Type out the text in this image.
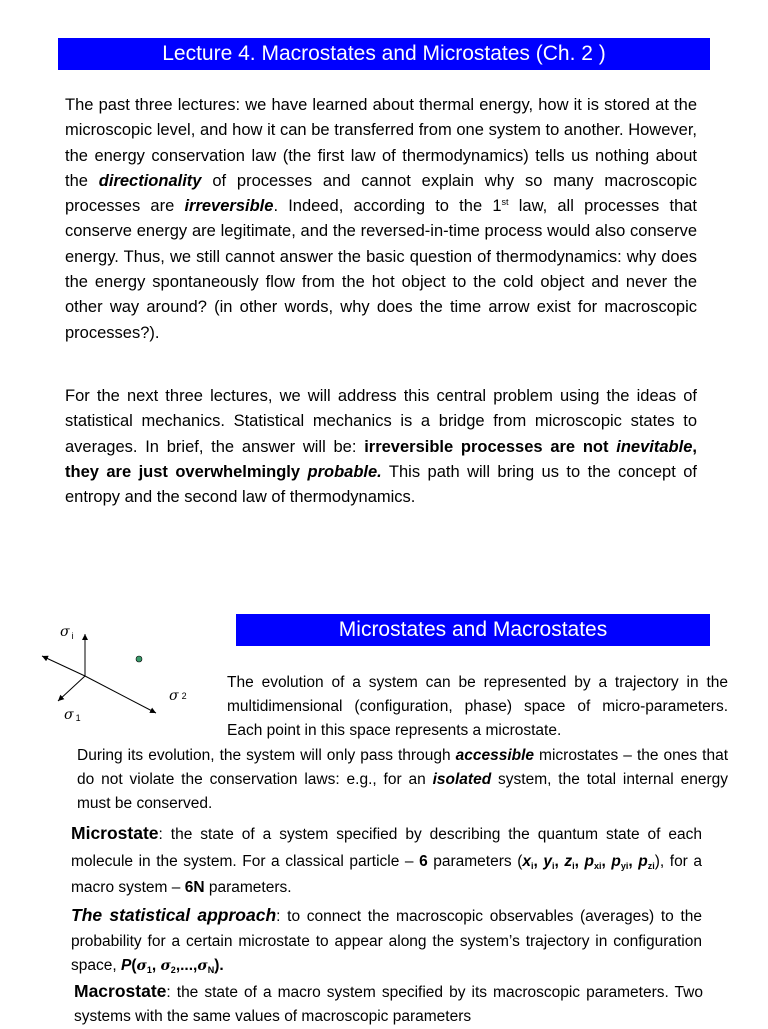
Lecture 4. Macrostates and Microstates (Ch. 2 )

The past three lectures: we have learned about thermal energy, how it is stored at the microscopic level, and how it can be transferred from one system to another. However, the energy conservation law (the first law of thermodynamics) tells us nothing about the directionality of processes and cannot explain why so many macroscopic processes are irreversible. Indeed, according to the 1st law, all processes that conserve energy are legitimate, and the reversed-in-time process would also conserve energy. Thus, we still cannot answer the basic question of thermodynamics: why does the energy spontaneously flow from the hot object to the cold object and never the other way around? (in other words, why does the time arrow exist for macroscopic processes?).

For the next three lectures, we will address this central problem using the ideas of statistical mechanics. Statistical mechanics is a bridge from microscopic states to averages. In brief, the answer will be: irreversible processes are not inevitable, they are just overwhelmingly probable. This path will bring us to the concept of entropy and the second law of thermodynamics.

Microstates and Macrostates
σi
σ 2
σ 1

The evolution of a system can be represented by a trajectory in the multidimensional (configuration, phase) space of micro-parameters. Each point in this space represents a microstate.

During its evolution, the system will only pass through accessible microstates – the ones that do not violate the conservation laws: e.g., for an isolated system, the total internal energy must be conserved.

Microstate: the state of a system specified by describing the quantum state of each molecule in the system. For a classical particle – 6 parameters ($x_i$, $y_i$, $z_i$, $p_{xi}$, $p_{yi}$, $p_{zi}$), for a macro system – 6N parameters.

The statistical approach: to connect the macroscopic observables (averages) to the probability for a certain microstate to appear along the system’s trajectory in configuration space, $P(\sigma_1$, $\sigma_2,...,\sigma_N$).

Macrostate: the state of a macro system specified by its macroscopic parameters. Two systems with the same values of macroscopic parameters
